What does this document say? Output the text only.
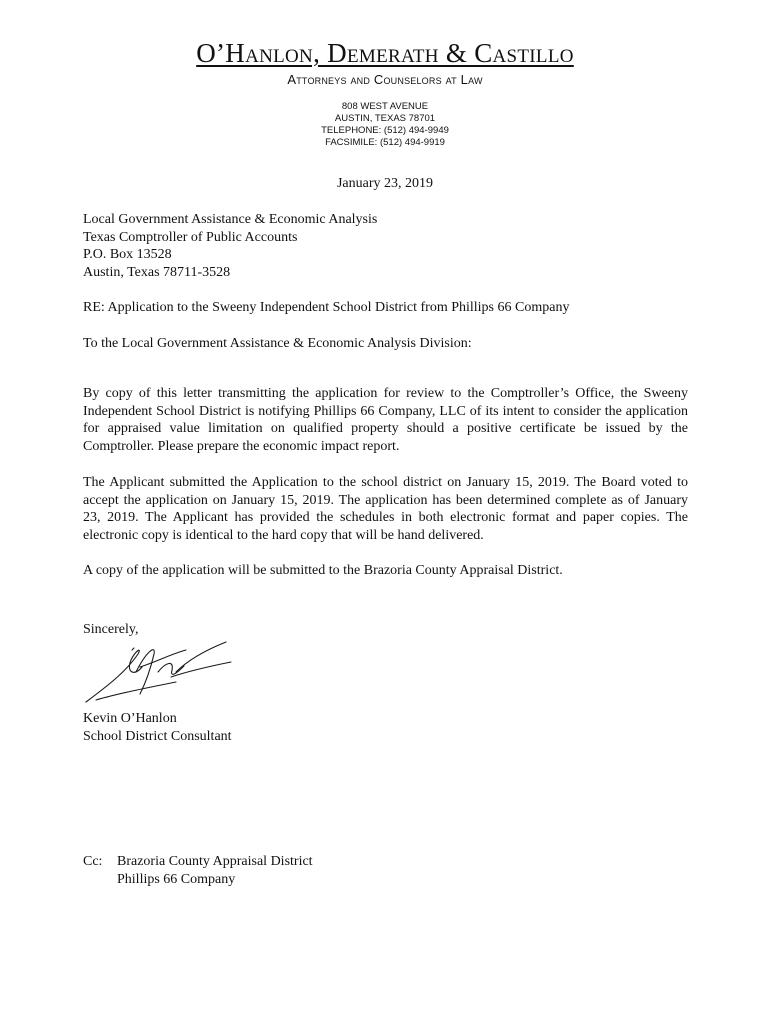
O’Hanlon, Demerath & Castillo
Attorneys and Counselors at Law
808 WEST AVENUE
AUSTIN, TEXAS 78701
TELEPHONE: (512) 494-9949
FACSIMILE: (512) 494-9919
January 23, 2019
Local Government Assistance & Economic Analysis
Texas Comptroller of Public Accounts
P.O. Box 13528
Austin, Texas 78711-3528
RE: Application to the Sweeny Independent School District from Phillips 66 Company
To the Local Government Assistance & Economic Analysis Division:

By copy of this letter transmitting the application for review to the Comptroller’s Office, the Sweeny Independent School District is notifying Phillips 66 Company, LLC of its intent to consider the application for appraised value limitation on qualified property should a positive certificate be issued by the Comptroller. Please prepare the economic impact report.

The Applicant submitted the Application to the school district on January 15, 2019. The Board voted to accept the application on January 15, 2019. The application has been determined complete as of January 23, 2019. The Applicant has provided the schedules in both electronic format and paper copies. The electronic copy is identical to the hard copy that will be hand delivered.

A copy of the application will be submitted to the Brazoria County Appraisal District.

Sincerely,
Kevin O’Hanlon
School District Consultant
Cc: Brazoria County Appraisal District
Phillips 66 Company
